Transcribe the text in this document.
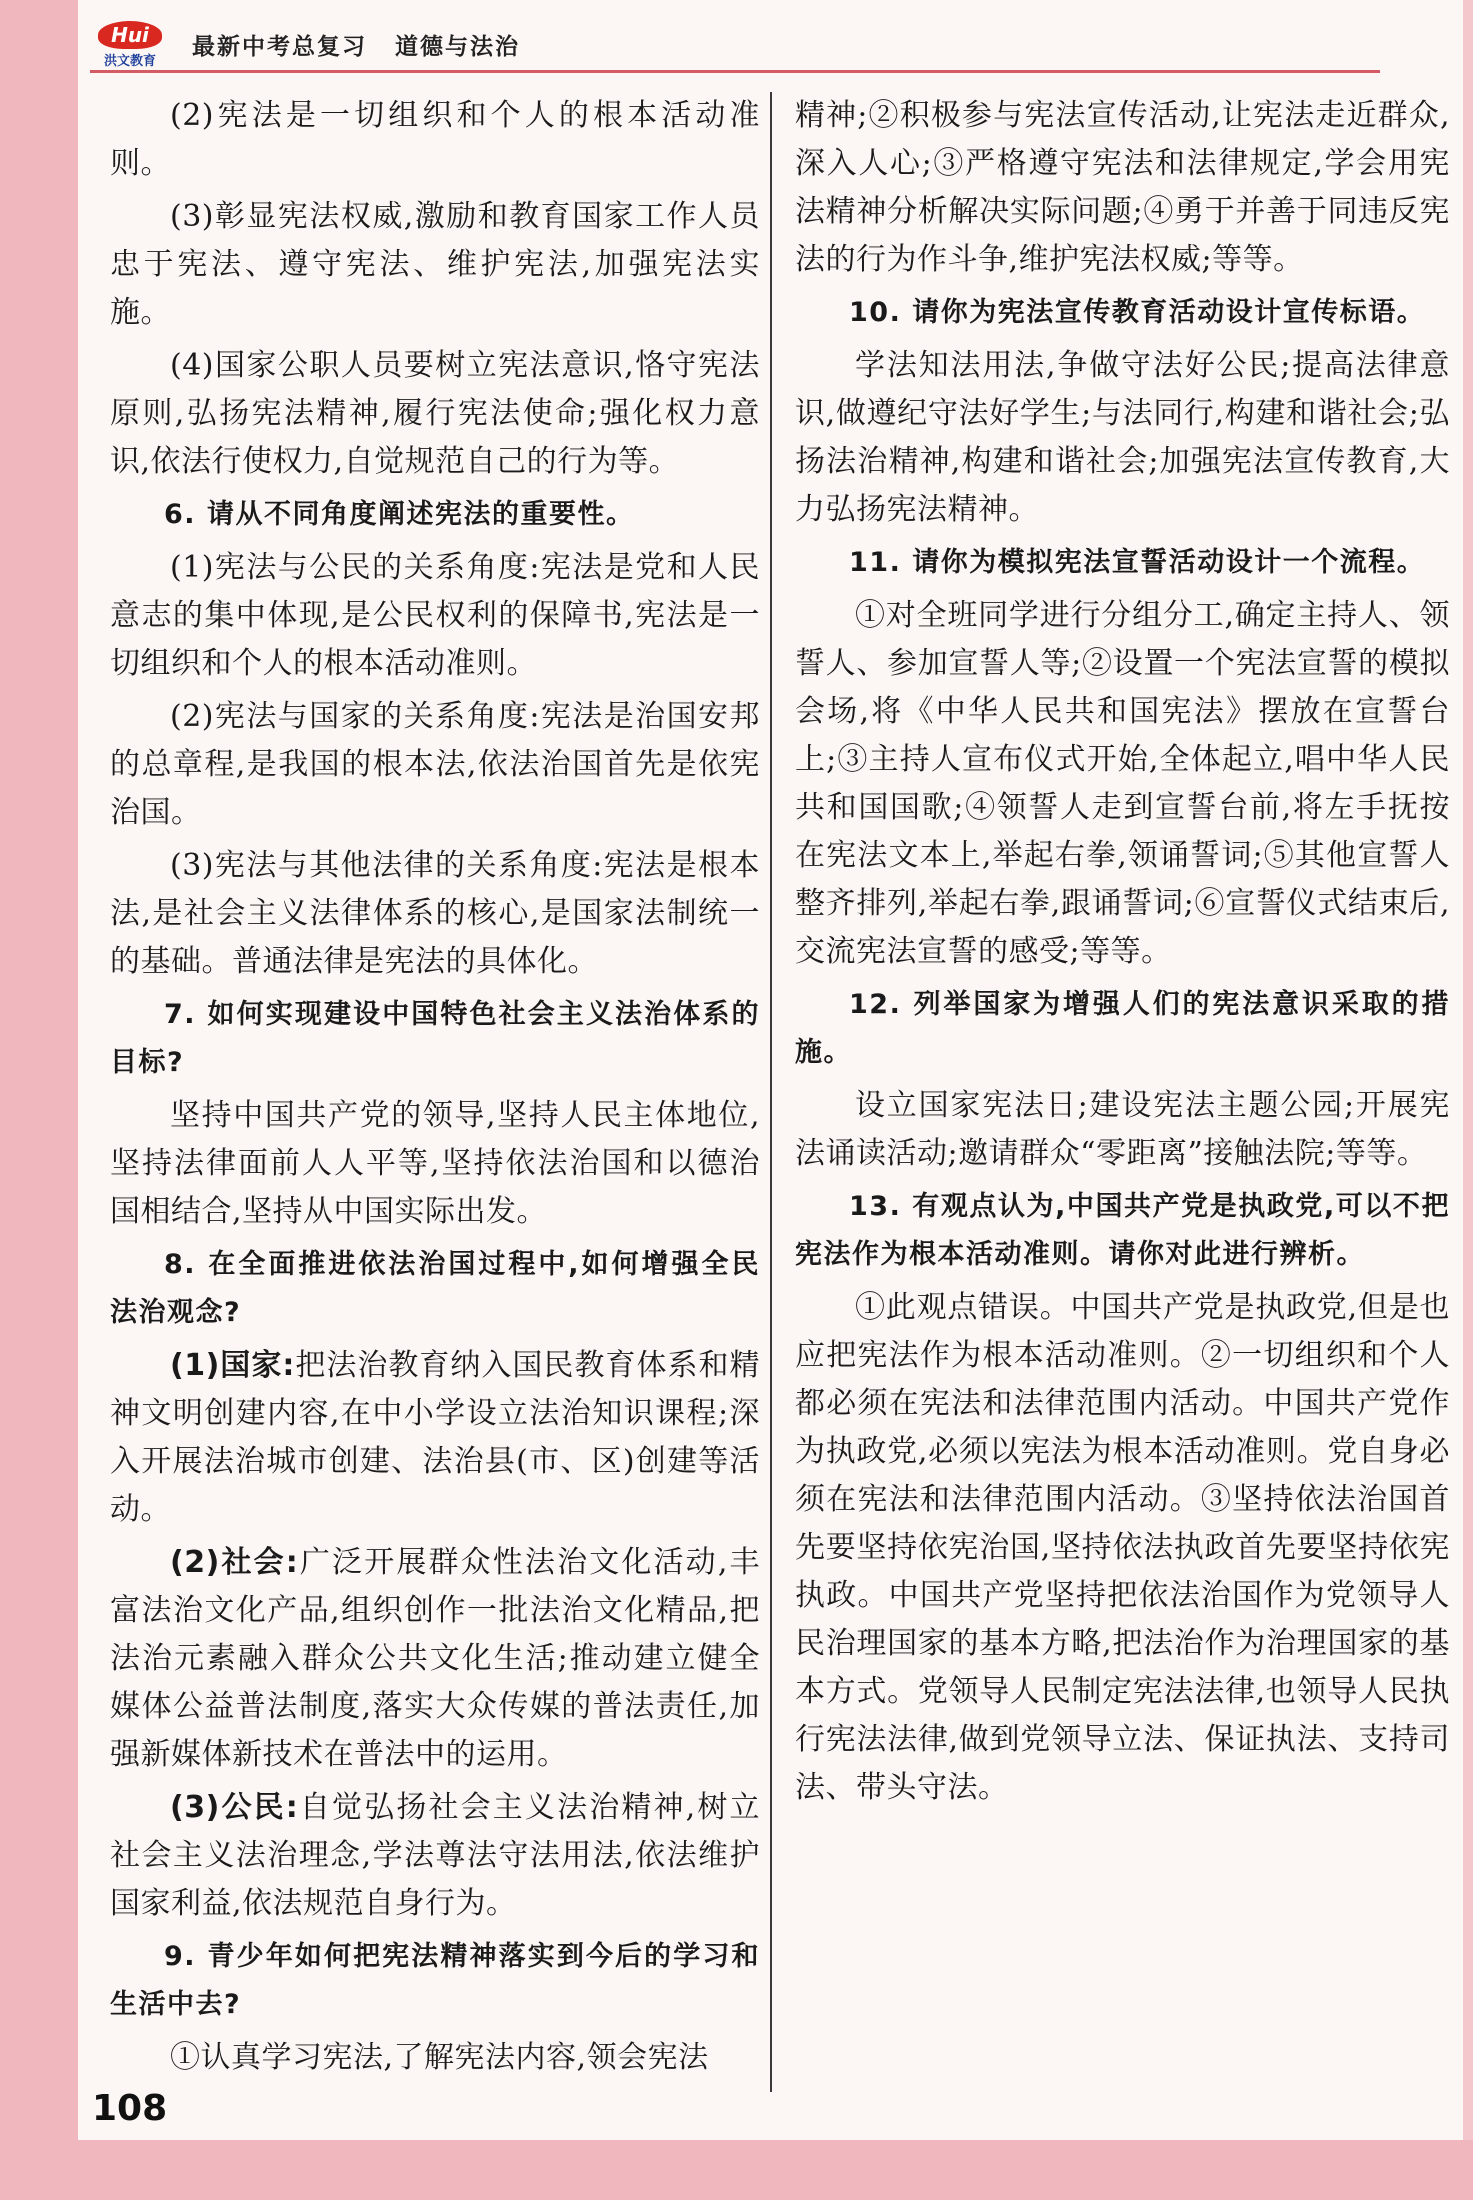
Hui
洪文教育
最新中考总复习 道德与法治

(2)宪法是一切组织和个人的根本活动准则。

(3)彰显宪法权威,激励和教育国家工作人员忠于宪法、遵守宪法、维护宪法,加强宪法实施。

(4)国家公职人员要树立宪法意识,恪守宪法原则,弘扬宪法精神,履行宪法使命;强化权力意识,依法行使权力,自觉规范自己的行为等。

6. 请从不同角度阐述宪法的重要性。

(1)宪法与公民的关系角度:宪法是党和人民意志的集中体现,是公民权利的保障书,宪法是一切组织和个人的根本活动准则。

(2)宪法与国家的关系角度:宪法是治国安邦的总章程,是我国的根本法,依法治国首先是依宪治国。

(3)宪法与其他法律的关系角度:宪法是根本法,是社会主义法律体系的核心,是国家法制统一的基础。普通法律是宪法的具体化。

7. 如何实现建设中国特色社会主义法治体系的目标?

坚持中国共产党的领导,坚持人民主体地位,坚持法律面前人人平等,坚持依法治国和以德治国相结合,坚持从中国实际出发。

8. 在全面推进依法治国过程中,如何增强全民法治观念?

(1)国家:把法治教育纳入国民教育体系和精神文明创建内容,在中小学设立法治知识课程;深入开展法治城市创建、法治县(市、区)创建等活动。

(2)社会:广泛开展群众性法治文化活动,丰富法治文化产品,组织创作一批法治文化精品,把法治元素融入群众公共文化生活;推动建立健全媒体公益普法制度,落实大众传媒的普法责任,加强新媒体新技术在普法中的运用。

(3)公民:自觉弘扬社会主义法治精神,树立社会主义法治理念,学法尊法守法用法,依法维护国家利益,依法规范自身行为。

9. 青少年如何把宪法精神落实到今后的学习和生活中去?

①认真学习宪法,了解宪法内容,领会宪法

精神;②积极参与宪法宣传活动,让宪法走近群众,深入人心;③严格遵守宪法和法律规定,学会用宪法精神分析解决实际问题;④勇于并善于同违反宪法的行为作斗争,维护宪法权威;等等。

10. 请你为宪法宣传教育活动设计宣传标语。

学法知法用法,争做守法好公民;提高法律意识,做遵纪守法好学生;与法同行,构建和谐社会;弘扬法治精神,构建和谐社会;加强宪法宣传教育,大力弘扬宪法精神。

11. 请你为模拟宪法宣誓活动设计一个流程。

①对全班同学进行分组分工,确定主持人、领誓人、参加宣誓人等;②设置一个宪法宣誓的模拟会场,将《中华人民共和国宪法》摆放在宣誓台上;③主持人宣布仪式开始,全体起立,唱中华人民共和国国歌;④领誓人走到宣誓台前,将左手抚按在宪法文本上,举起右拳,领诵誓词;⑤其他宣誓人整齐排列,举起右拳,跟诵誓词;⑥宣誓仪式结束后,交流宪法宣誓的感受;等等。

12. 列举国家为增强人们的宪法意识采取的措施。

设立国家宪法日;建设宪法主题公园;开展宪法诵读活动;邀请群众“零距离”接触法院;等等。

13. 有观点认为,中国共产党是执政党,可以不把宪法作为根本活动准则。请你对此进行辨析。

①此观点错误。中国共产党是执政党,但是也应把宪法作为根本活动准则。②一切组织和个人都必须在宪法和法律范围内活动。中国共产党作为执政党,必须以宪法为根本活动准则。党自身必须在宪法和法律范围内活动。③坚持依法治国首先要坚持依宪治国,坚持依法执政首先要坚持依宪执政。中国共产党坚持把依法治国作为党领导人民治理国家的基本方略,把法治作为治理国家的基本方式。党领导人民制定宪法法律,也领导人民执行宪法法律,做到党领导立法、保证执法、支持司法、带头守法。

108
